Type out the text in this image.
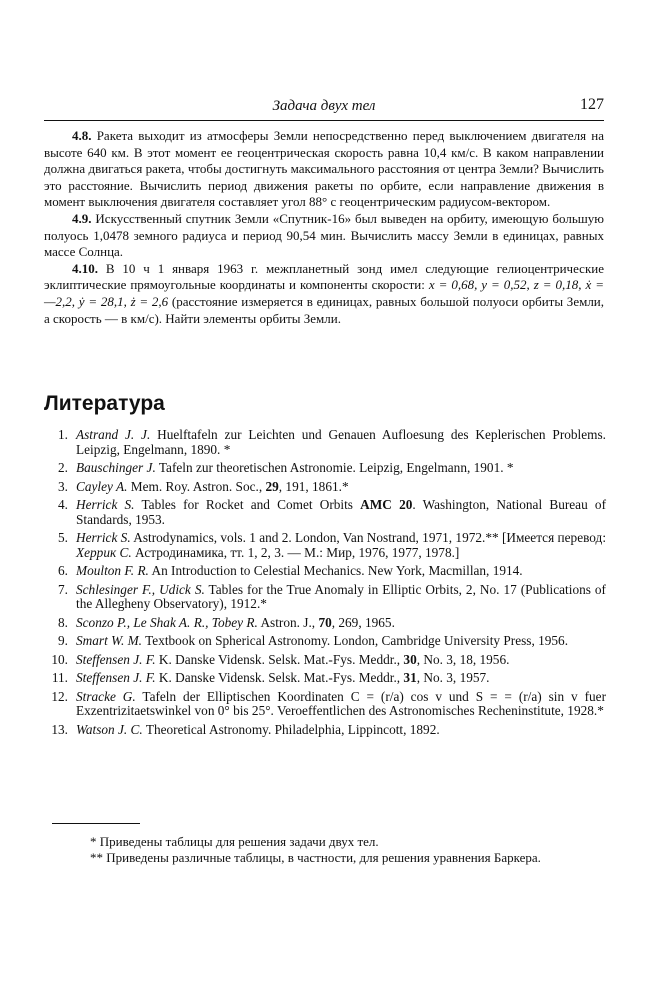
Задача двух тел	127

4.8. Ракета выходит из атмосферы Земли непосредственно перед выключением двигателя на высоте 640 км. В этот момент ее геоцентрическая скорость равна 10,4 км/с. В каком направлении должна двигаться ракета, чтобы достигнуть максимального расстояния от центра Земли? Вычислить это расстояние. Вычислить период движения ракеты по орбите, если направление движения в момент выключения двигателя составляет угол 88° с геоцентрическим радиусом-вектором.

4.9. Искусственный спутник Земли «Спутник-16» был выведен на орбиту, имеющую большую полуось 1,0478 земного радиуса и период 90,54 мин. Вычислить массу Земли в единицах, равных массе Солнца.

4.10. В 10 ч 1 января 1963 г. межпланетный зонд имел следующие гелиоцентрические эклиптические прямоугольные координаты и компоненты скорости: x = 0,68, y = 0,52, z = 0,18, ẋ = —2,2, ẏ = 28,1, ż = 2,6 (расстояние измеряется в единицах, равных большой полуоси орбиты Земли, а скорость — в км/с). Найти элементы орбиты Земли.

Литература
1. Astrand J. J. Huelftafeln zur Leichten und Genauen Aufloesung des Keplerischen Problems. Leipzig, Engelmann, 1890. *
2. Bauschinger J. Tafeln zur theoretischen Astronomie. Leipzig, Engelmann, 1901. *
3. Cayley A. Mem. Roy. Astron. Soc., 29, 191, 1861.*
4. Herrick S. Tables for Rocket and Comet Orbits AMC 20. Washington, National Bureau of Standards, 1953.
5. Herrick S. Astrodynamics, vols. 1 and 2. London, Van Nostrand, 1971, 1972.** [Имеется перевод: Херрик С. Астродинамика, тт. 1, 2, 3. — М.: Мир, 1976, 1977, 1978.]
6. Moulton F. R. An Introduction to Celestial Mechanics. New York, Macmillan, 1914.
7. Schlesinger F., Udick S. Tables for the True Anomaly in Elliptic Orbits, 2, No. 17 (Publications of the Allegheny Observatory), 1912.*
8. Sconzo P., Le Shak A. R., Tobey R. Astron. J., 70, 269, 1965.
9. Smart W. M. Textbook on Spherical Astronomy. London, Cambridge University Press, 1956.
10. Steffensen J. F. K. Danske Vidensk. Selsk. Mat.-Fys. Meddr., 30, No. 3, 18, 1956.
11. Steffensen J. F. K. Danske Vidensk. Selsk. Mat.-Fys. Meddr., 31, No. 3, 1957.
12. Stracke G. Tafeln der Elliptischen Koordinaten C = (r/a) cos v und S = = (r/a) sin v fuer Exzentrizitaetswinkel von 0° bis 25°. Veroeffentlichen des Astronomisches Recheninstitute, 1928.*
13. Watson J. C. Theoretical Astronomy. Philadelphia, Lippincott, 1892.

* Приведены таблицы для решения задачи двух тел.

** Приведены различные таблицы, в частности, для решения уравнения Баркера.
